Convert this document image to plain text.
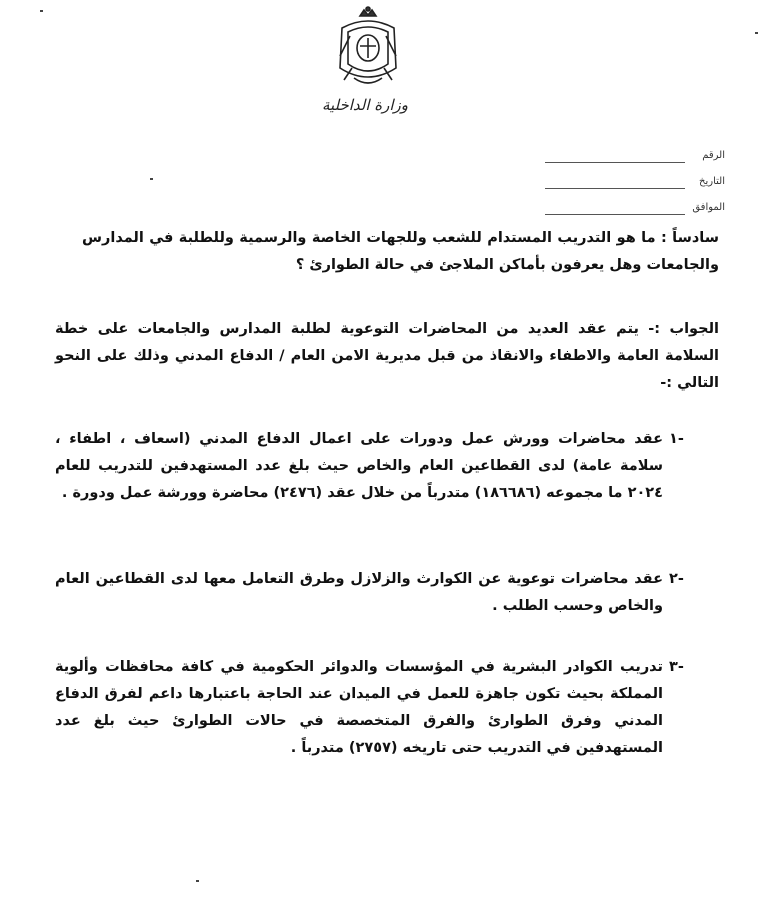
وزارة الداخلية
الرقم
التاريخ
الموافق
سادساً : ما هو التدريب المستدام للشعب وللجهات الخاصة والرسمية وللطلبة في المدارس والجامعات وهل يعرفون بأماكن الملاجئ في حالة الطوارئ ؟
الجواب :- يتم عقد العديد من المحاضرات التوعوية لطلبة المدارس والجامعات على خطة السلامة العامة والاطفاء والانقاذ من قبل مديرية الامن العام / الدفاع المدني وذلك على النحو التالي :-
عقد محاضرات وورش عمل ودورات على اعمال الدفاع المدني (اسعاف ، اطفاء ، سلامة عامة) لدى القطاعين العام والخاص حيث بلغ عدد المستهدفين للتدريب للعام ٢٠٢٤ ما مجموعه (١٨٦٦٨٦) متدرباً من خلال عقد (٢٤٧٦) محاضرة وورشة عمل ودورة .
١-
عقد محاضرات توعوية عن الكوارث والزلازل وطرق التعامل معها لدى القطاعين العام والخاص وحسب الطلب .
٢-
تدريب الكوادر البشرية في المؤسسات والدوائر الحكومية في كافة محافظات وألوية المملكة بحيث تكون جاهزة للعمل في الميدان عند الحاجة باعتبارها داعم لفرق الدفاع المدني وفرق الطوارئ والفرق المتخصصة في حالات الطوارئ حيث بلغ عدد المستهدفين في التدريب حتى تاريخه (٢٧٥٧) متدرباً .
٣-
